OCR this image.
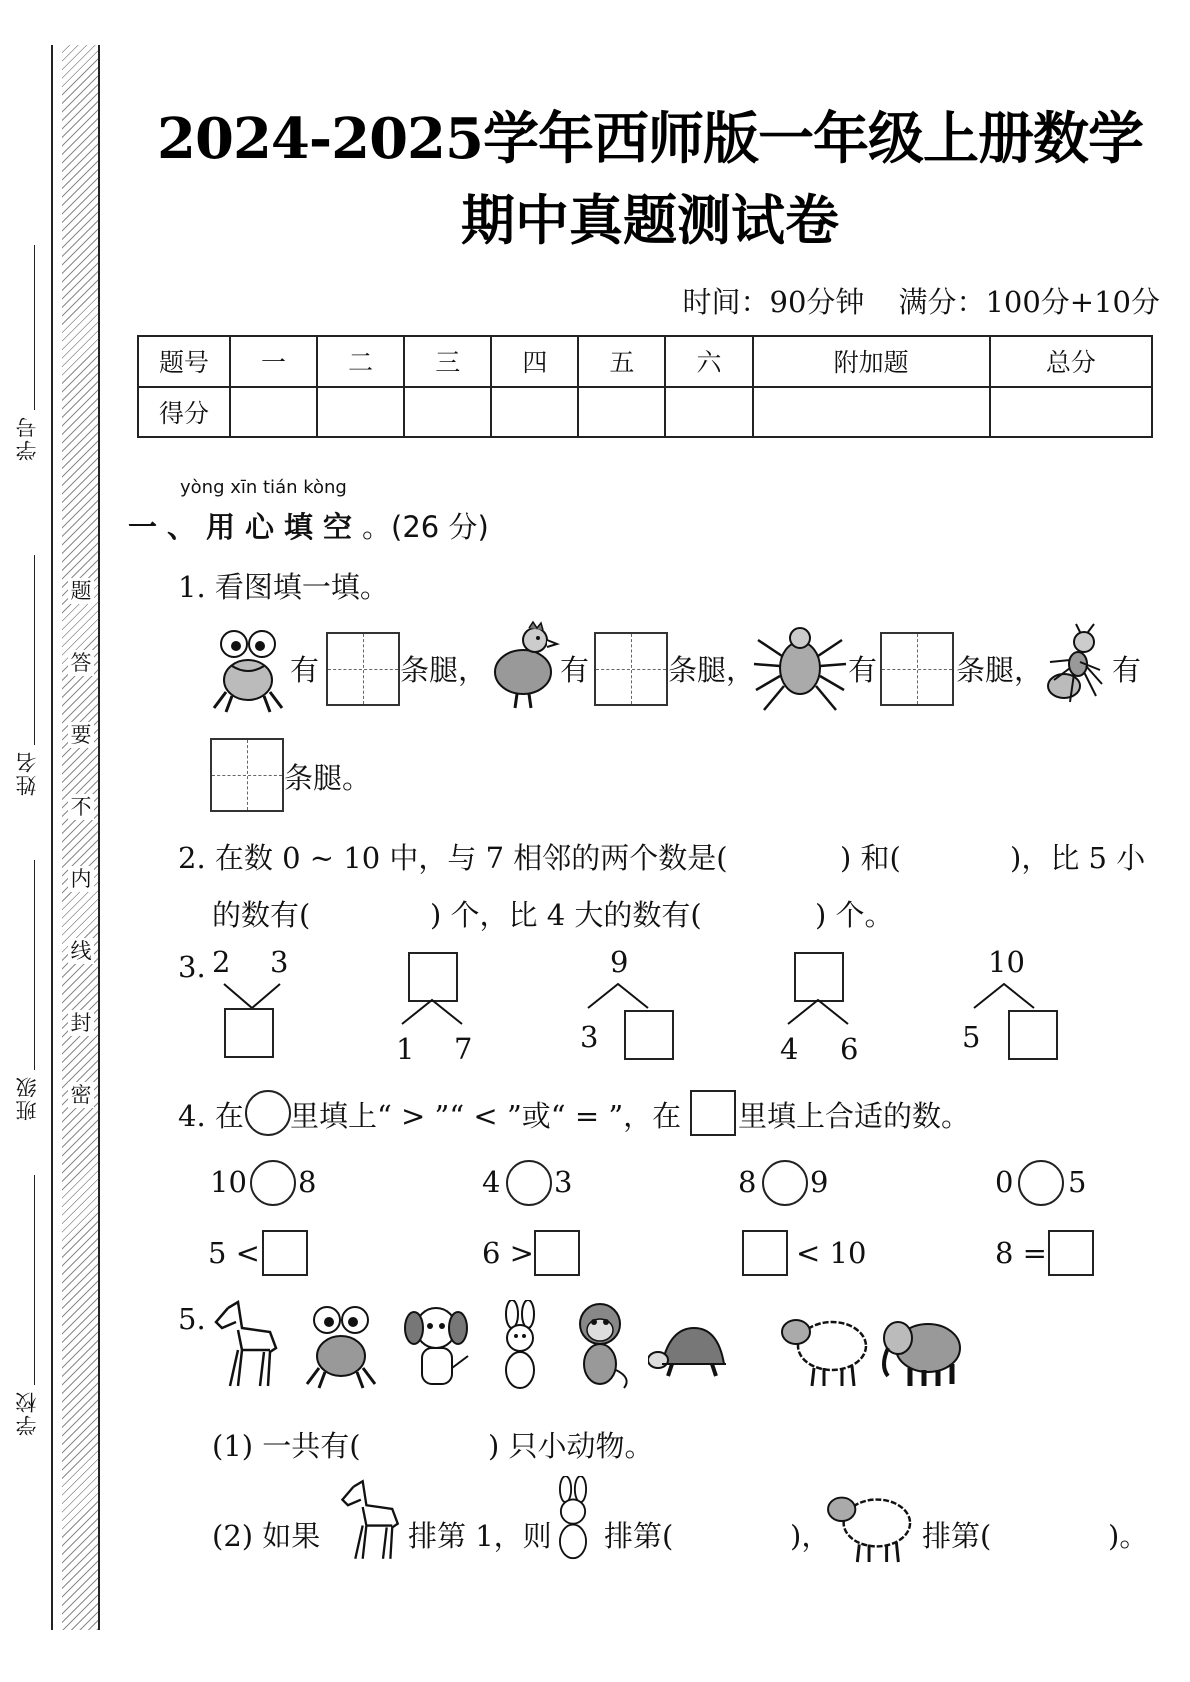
学号
姓名
班级
学校
题
答
要
不
内
线
封
密
2024-2025学年西师版一年级上册数学
期中真题测试卷
时间：90分钟 满分：100分+10分
题号	一	二	三	四	五	六	附加题	总分
得分								
yòng xīn tián kòng
一、用心填空。(26 分)
1. 看图填一填。
有	条腿，	有	条腿，	有	条腿， 有
条腿。
2. 在数 0 ~ 10 中，与 7 相邻的两个数是(	) 和(	)，比 5 小
的数有(	) 个，比 4 大的数有(	) 个。
3. 2 3
1 7
9
3	4 6
10
5
4. 在 里填上“ > ”“ < ”或“ = ”，在 里填上合适的数。
10 8	4 3	8 9	0 5
5 <	6 >	< 10	8 =
5.
(1) 一共有(	) 只小动物。
(2) 如果	排第 1，则 排第(	)，	排第(	)。
